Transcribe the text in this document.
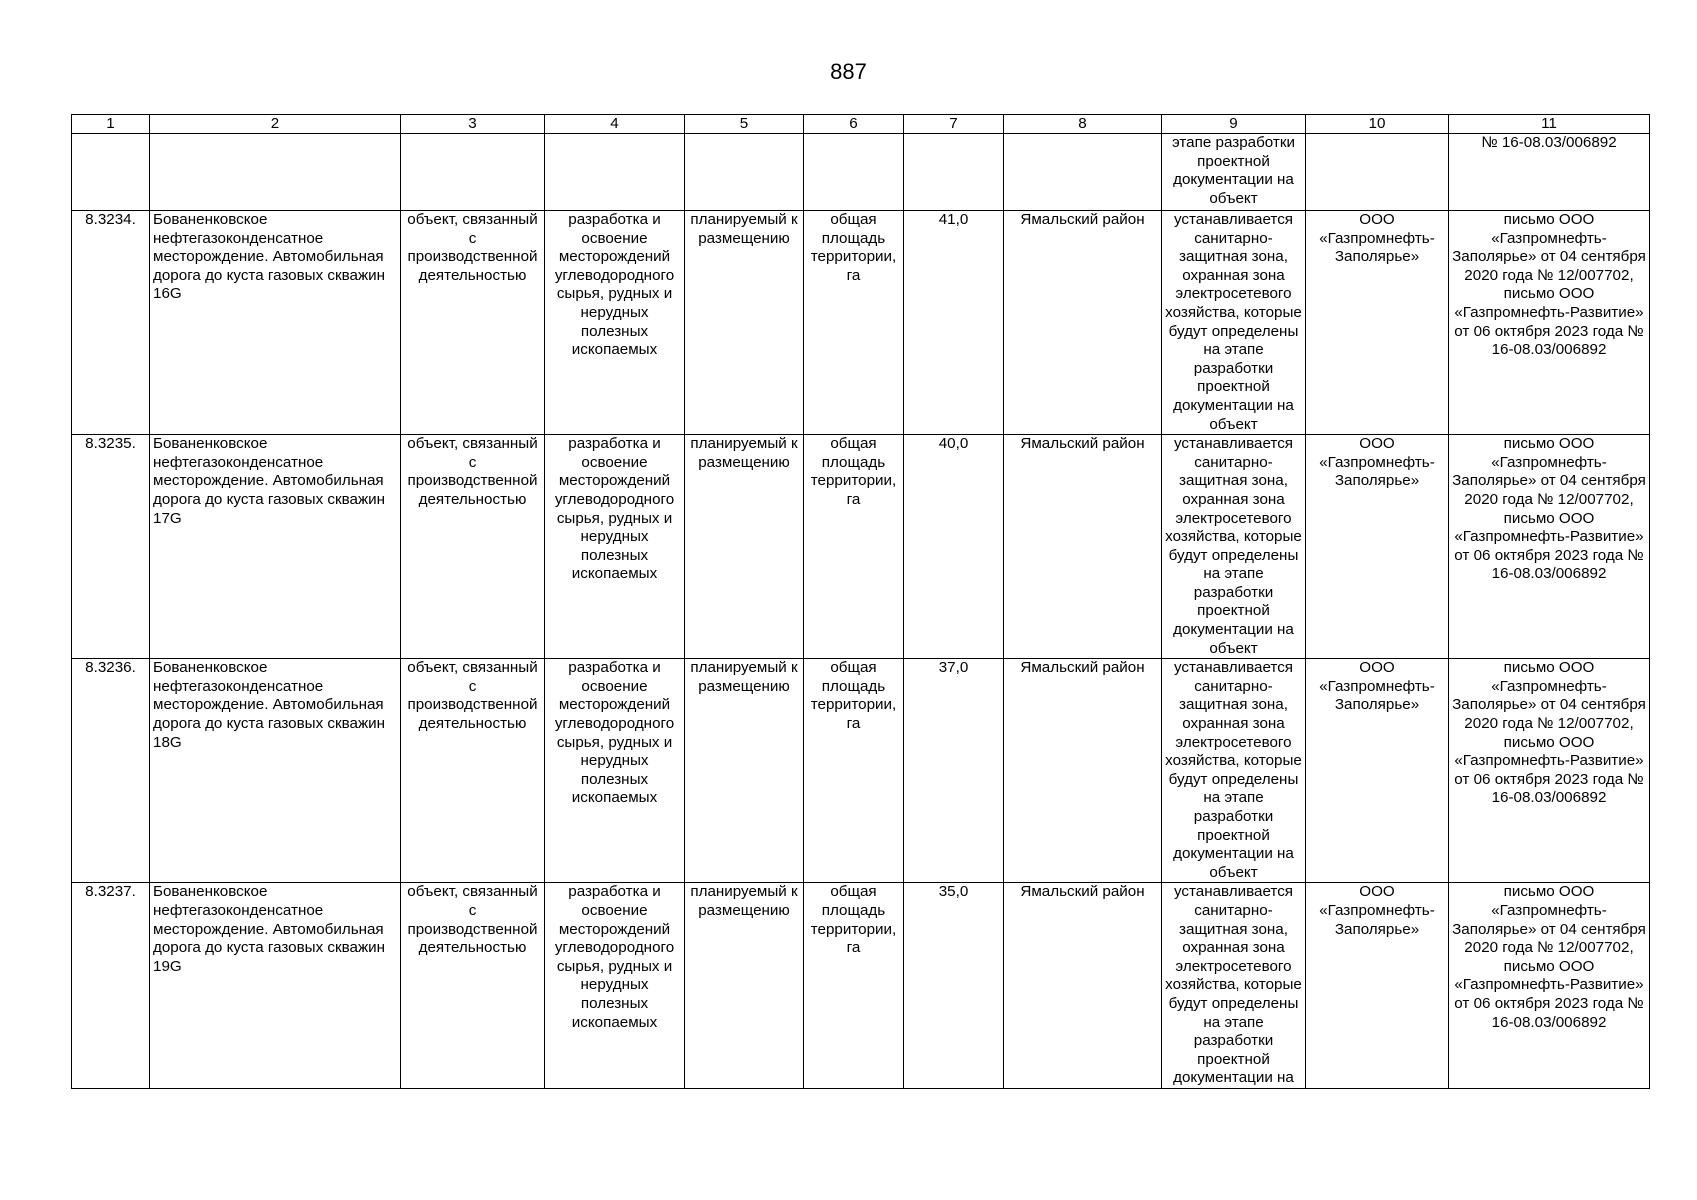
887
1	2	3	4	5	6	7	8	9	10	11
								этапе разработки проектной документации на объект		№ 16-08.03/006892
8.3234.	Бованенковское нефтегазоконденсатное месторождение. Автомобильная дорога до куста газовых скважин 16G	объект, связанный с производственной деятельностью	разработка и освоение месторождений углеводородного сырья, рудных и нерудных полезных ископаемых	планируемый к размещению	общая площадь территории, га	41,0	Ямальский район	устанавливается санитарно-защитная зона, охранная зона электросетевого хозяйства, которые будут определены на этапе разработки проектной документации на объект	ООО «Газпромнефть-Заполярье»	письмо ООО «Газпромнефть-Заполярье» от 04 сентября 2020 года № 12/007702, письмо ООО «Газпромнефть-Развитие» от 06 октября 2023 года № 16-08.03/006892
8.3235.	Бованенковское нефтегазоконденсатное месторождение. Автомобильная дорога до куста газовых скважин 17G	объект, связанный с производственной деятельностью	разработка и освоение месторождений углеводородного сырья, рудных и нерудных полезных ископаемых	планируемый к размещению	общая площадь территории, га	40,0	Ямальский район	устанавливается санитарно-защитная зона, охранная зона электросетевого хозяйства, которые будут определены на этапе разработки проектной документации на объект	ООО «Газпромнефть-Заполярье»	письмо ООО «Газпромнефть-Заполярье» от 04 сентября 2020 года № 12/007702, письмо ООО «Газпромнефть-Развитие» от 06 октября 2023 года № 16-08.03/006892
8.3236.	Бованенковское нефтегазоконденсатное месторождение. Автомобильная дорога до куста газовых скважин 18G	объект, связанный с производственной деятельностью	разработка и освоение месторождений углеводородного сырья, рудных и нерудных полезных ископаемых	планируемый к размещению	общая площадь территории, га	37,0	Ямальский район	устанавливается санитарно-защитная зона, охранная зона электросетевого хозяйства, которые будут определены на этапе разработки проектной документации на объект	ООО «Газпромнефть-Заполярье»	письмо ООО «Газпромнефть-Заполярье» от 04 сентября 2020 года № 12/007702, письмо ООО «Газпромнефть-Развитие» от 06 октября 2023 года № 16-08.03/006892
8.3237.	Бованенковское нефтегазоконденсатное месторождение. Автомобильная дорога до куста газовых скважин 19G	объект, связанный с производственной деятельностью	разработка и освоение месторождений углеводородного сырья, рудных и нерудных полезных ископаемых	планируемый к размещению	общая площадь территории, га	35,0	Ямальский район	устанавливается санитарно-защитная зона, охранная зона электросетевого хозяйства, которые будут определены на этапе разработки проектной документации на	ООО «Газпромнефть-Заполярье»	письмо ООО «Газпромнефть-Заполярье» от 04 сентября 2020 года № 12/007702, письмо ООО «Газпромнефть-Развитие» от 06 октября 2023 года № 16-08.03/006892
